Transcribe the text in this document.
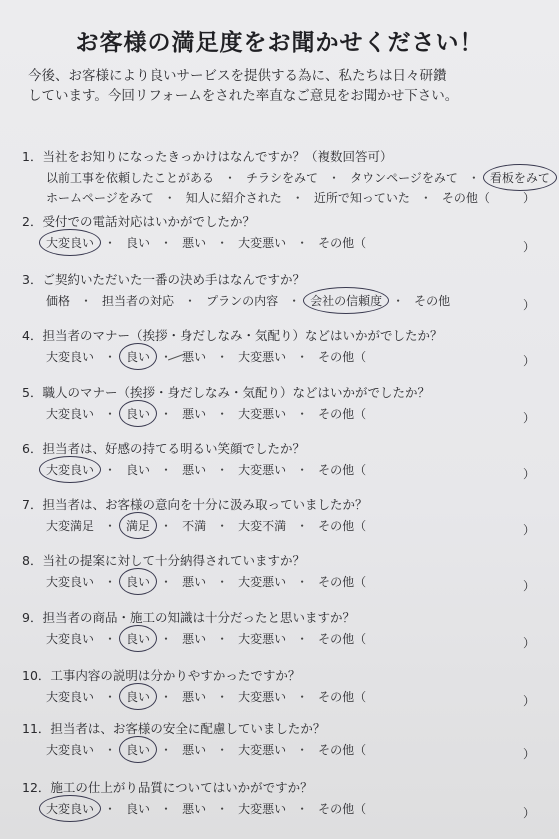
お客様の満足度をお聞かせください！
今後、お客様により良いサービスを提供する為に、私たちは日々研鑽
しています。今回リフォームをされた率直なご意見をお聞かせ下さい。
1．当社をお知りになったきっかけはなんですか？（複数回答可）
以前工事を依頼したことがある ・ チラシをみて ・ タウンページをみて ・ 看板をみて
ホームページをみて ・ 知人に紹介された ・ 近所で知っていた ・ その他（	）
2．受付での電話対応はいかがでしたか？
大変良い ・ 良い ・ 悪い ・ 大変悪い ・ その他（	）
3．ご契約いただいた一番の決め手はなんですか？
価格 ・ 担当者の対応 ・ プランの内容 ・ 会社の信頼度 ・ その他	）
4．担当者のマナー（挨拶・身だしなみ・気配り）などはいかがでしたか？
大変良い ・ 良い ・ 悪い ・ 大変悪い ・ その他（	）
5．職人のマナー（挨拶・身だしなみ・気配り）などはいかがでしたか？
大変良い ・ 良い ・ 悪い ・ 大変悪い ・ その他（	）
6．担当者は、好感の持てる明るい笑顔でしたか？
大変良い ・ 良い ・ 悪い ・ 大変悪い ・ その他（	）
7．担当者は、お客様の意向を十分に汲み取っていましたか？
大変満足 ・ 満足 ・ 不満 ・ 大変不満 ・ その他（	）
8．当社の提案に対して十分納得されていますか？
大変良い ・ 良い ・ 悪い ・ 大変悪い ・ その他（	）
9．担当者の商品・施工の知識は十分だったと思いますか？
大変良い ・ 良い ・ 悪い ・ 大変悪い ・ その他（	）
10．工事内容の説明は分かりやすかったですか？
大変良い ・ 良い ・ 悪い ・ 大変悪い ・ その他（	）
11．担当者は、お客様の安全に配慮していましたか？
大変良い ・ 良い ・ 悪い ・ 大変悪い ・ その他（	）
12．施工の仕上がり品質についてはいかがですか？
大変良い ・ 良い ・ 悪い ・ 大変悪い ・ その他（	）
